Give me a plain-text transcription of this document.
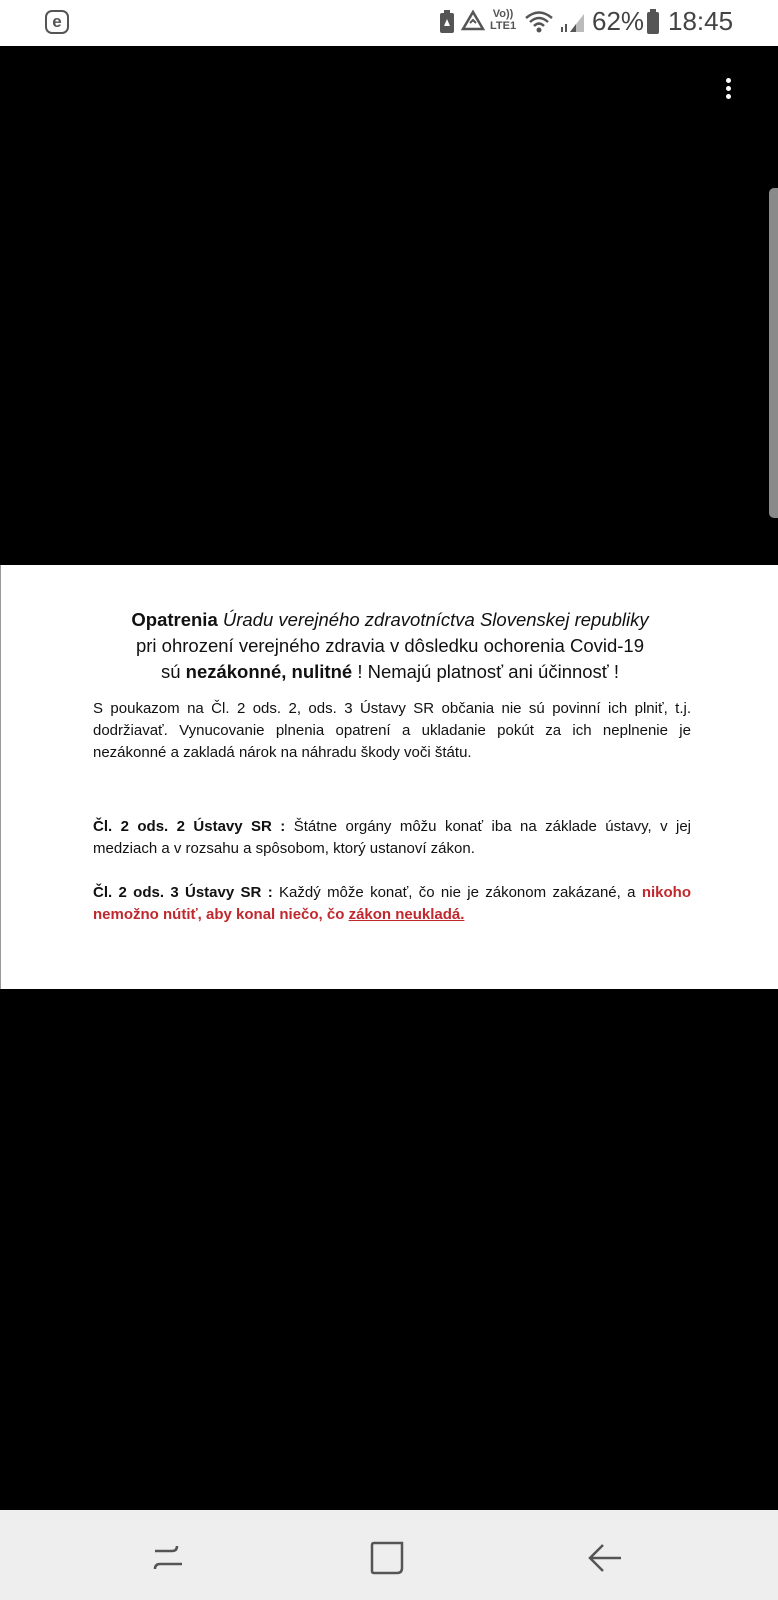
e	Vo))
LTE1	62% 18:45
Opatrenia Úradu verejného zdravotníctva Slovenskej republiky
pri ohrození verejného zdravia v dôsledku ochorenia Covid-19
sú nezákonné, nulitné ! Nemajú platnosť ani účinnosť !
S poukazom na Čl. 2 ods. 2, ods. 3 Ústavy SR občania nie sú povinní ich plniť, t.j. dodržiavať. Vynucovanie plnenia opatrení a ukladanie pokút za ich neplnenie je nezákonné a zakladá nárok na náhradu škody voči štátu.
Čl. 2 ods. 2 Ústavy SR : Štátne orgány môžu konať iba na základe ústavy, v jej medziach a v rozsahu a spôsobom, ktorý ustanoví zákon.
Čl. 2 ods. 3 Ústavy SR : Každý môže konať, čo nie je zákonom zakázané, a nikoho nemožno nútiť, aby konal niečo, čo zákon neukladá.
